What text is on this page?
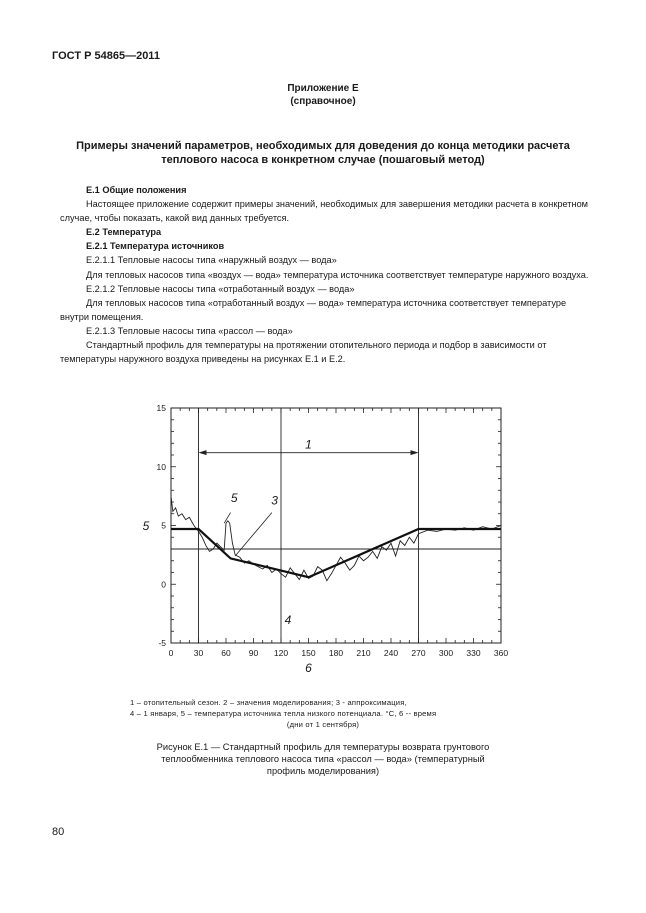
ГОСТ Р 54865—2011
Приложение Е
(справочное)
Примеры значений параметров, необходимых для доведения до конца методики расчета
теплового насоса в конкретном случае (пошаговый метод)

Е.1 Общие положения

Настоящее приложение содержит примеры значений, необходимых для завершения методики расчета в конкретном случае, чтобы показать, какой вид данных требуется.

Е.2 Температура

Е.2.1 Температура источников

Е.2.1.1 Тепловые насосы типа «наружный воздух — вода»

Для тепловых насосов типа «воздух — вода» температура источника соответствует температуре наружного воздуха.

Е.2.1.2 Тепловые насосы типа «отработанный воздух — вода»

Для тепловых насосов типа «отработанный воздух — вода» температура источника соответствует температуре внутри помещения.

Е.2.1.3 Тепловые насосы типа «рассол — вода»

Стандартный профиль для температуры на протяжении отопительного периода и подбор в зависимости от температуры наружного воздуха приведены на рисунках Е.1 и Е.2.

0 30 60 90 120 150 180 210 240 270 300 330 360
15
10
5
0
-5
1
5	3
4
6
5
1 – отопительный сезон. 2 – значения моделирования; 3 - аппроксимация,
4 – 1 января, 5 – температура источника тепла низкого потенциала. °С, 6 -- время
(дни от 1 сентября)
Рисунок Е.1 — Стандартный профиль для температуры возврата грунтового
теплообменника теплового насоса типа «рассол — вода» (температурный
профиль моделирования)
80
